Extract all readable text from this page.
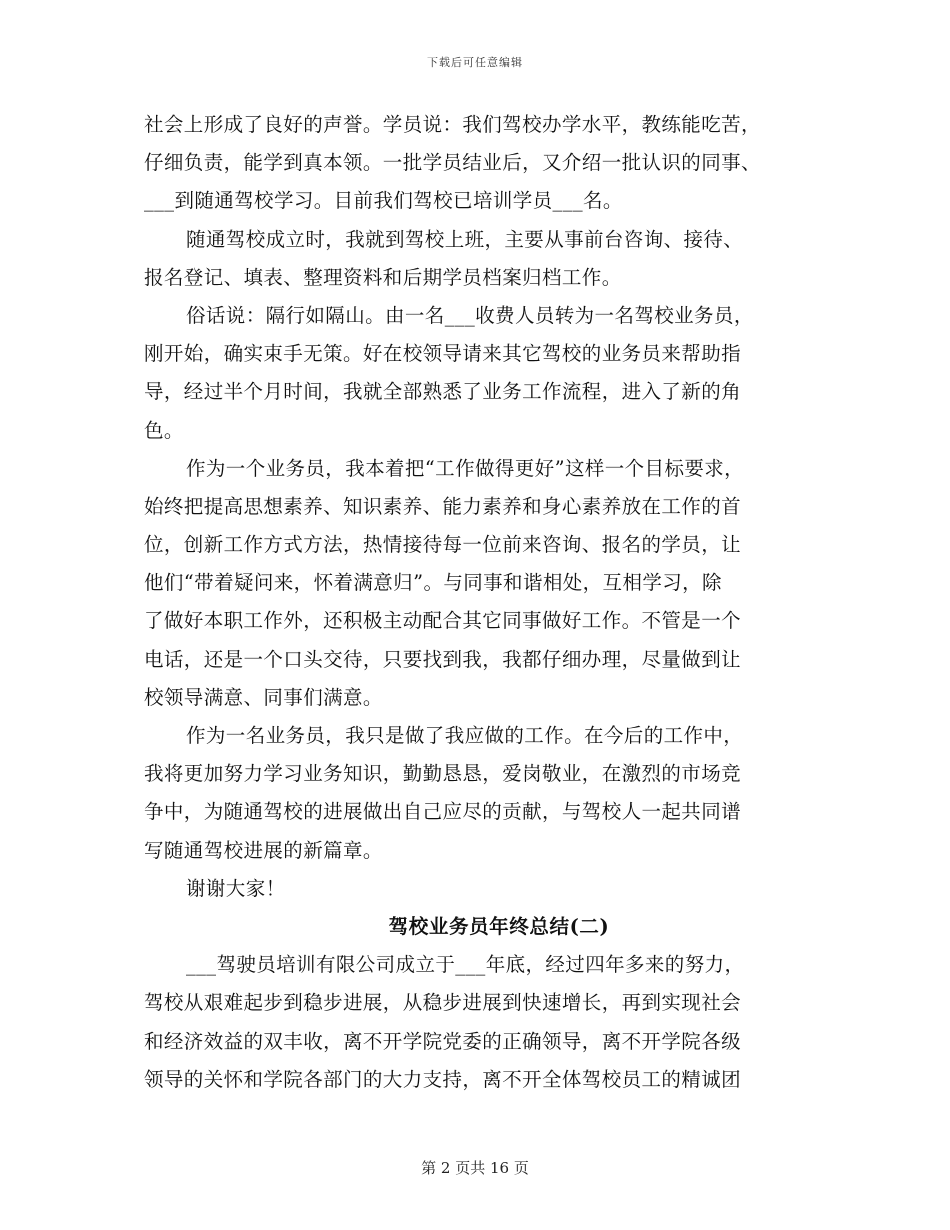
下载后可任意编辑
社会上形成了良好的声誉。学员说：我们驾校办学水平，教练能吃苦，
仔细负责，能学到真本领。一批学员结业后，又介绍一批认识的同事、
___到随通驾校学习。目前我们驾校已培训学员___名。
随通驾校成立时，我就到驾校上班，主要从事前台咨询、接待、
报名登记、填表、整理资料和后期学员档案归档工作。
俗话说：隔行如隔山。由一名___收费人员转为一名驾校业务员，
刚开始，确实束手无策。好在校领导请来其它驾校的业务员来帮助指
导，经过半个月时间，我就全部熟悉了业务工作流程，进入了新的角
色。
作为一个业务员，我本着把“工作做得更好”这样一个目标要求，
始终把提高思想素养、知识素养、能力素养和身心素养放在工作的首
位，创新工作方式方法，热情接待每一位前来咨询、报名的学员，让
他们“带着疑问来，怀着满意归”。与同事和谐相处，互相学习，除
了做好本职工作外，还积极主动配合其它同事做好工作。不管是一个
电话，还是一个口头交待，只要找到我，我都仔细办理，尽量做到让
校领导满意、同事们满意。
作为一名业务员，我只是做了我应做的工作。在今后的工作中，
我将更加努力学习业务知识，勤勤恳恳，爱岗敬业，在激烈的市场竞
争中，为随通驾校的进展做出自己应尽的贡献，与驾校人一起共同谱
写随通驾校进展的新篇章。
谢谢大家！
驾校业务员年终总结(二)
___驾驶员培训有限公司成立于___年底，经过四年多来的努力，
驾校从艰难起步到稳步进展，从稳步进展到快速增长，再到实现社会
和经济效益的双丰收，离不开学院党委的正确领导，离不开学院各级
领导的关怀和学院各部门的大力支持，离不开全体驾校员工的精诚团
第 2 页共 16 页
